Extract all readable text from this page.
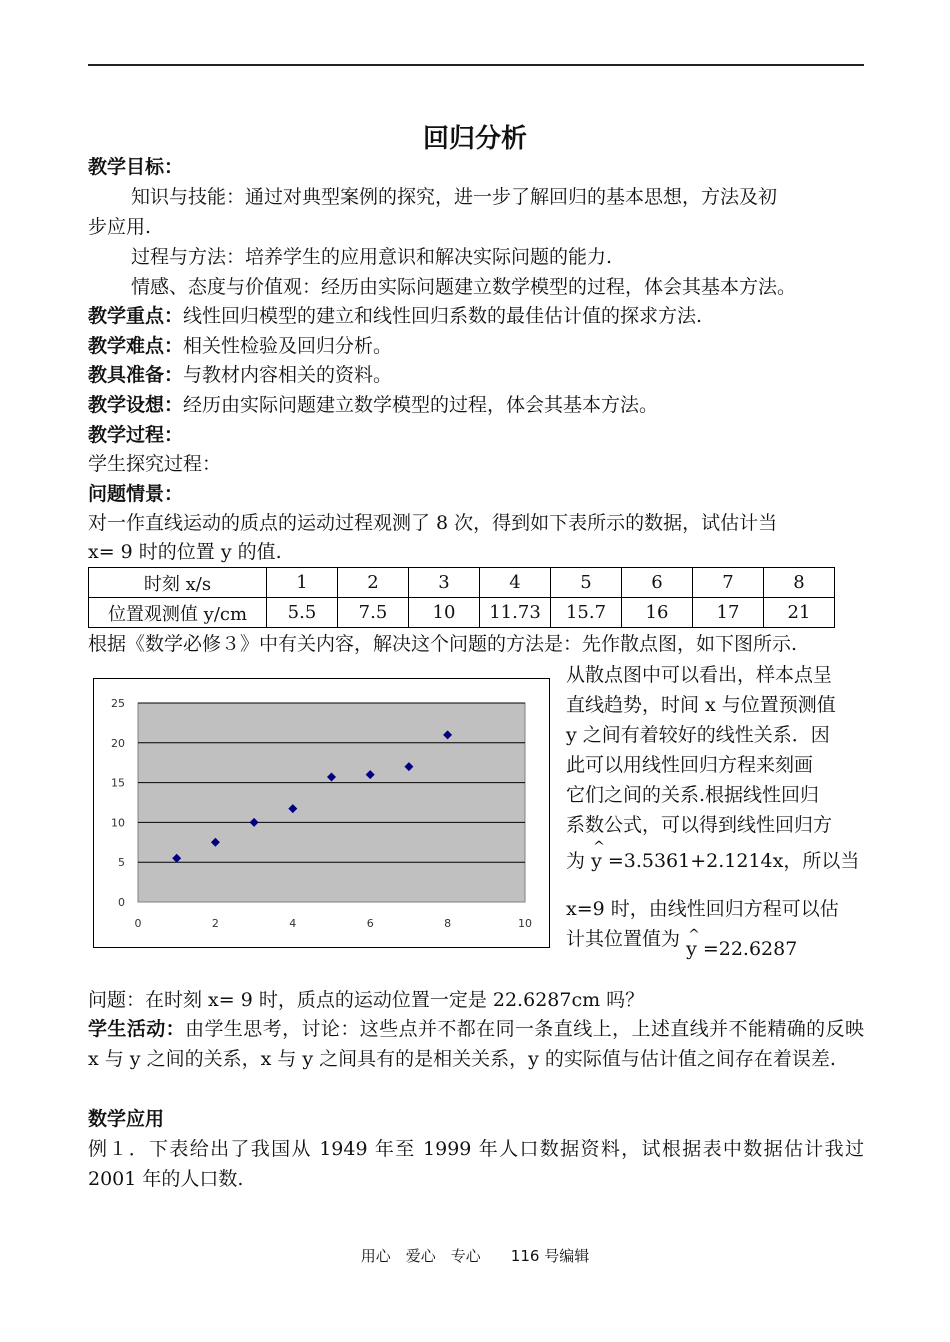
回归分析
教学目标：
知识与技能：通过对典型案例的探究，进一步了解回归的基本思想，方法及初
步应用.
过程与方法：培养学生的应用意识和解决实际问题的能力.
情感、态度与价值观：经历由实际问题建立数学模型的过程，体会其基本方法。
教学重点：线性回归模型的建立和线性回归系数的最佳估计值的探求方法.
教学难点：相关性检验及回归分析。
教具准备：与教材内容相关的资料。
教学设想：经历由实际问题建立数学模型的过程，体会其基本方法。
教学过程：
学生探究过程：
问题情景：
对一作直线运动的质点的运动过程观测了 8 次，得到如下表所示的数据，试估计当
x= 9 时的位置 y 的值.
时刻 x/s	1	2	3	4	5	6	7	8
位置观测值 y/cm	5.5	7.5	10	11.73	15.7	16	17	21
根据《数学必修３》中有关内容，解决这个问题的方法是：先作散点图，如下图所示.
0
5
10
15
20
25
0	2	4	6	8	10
从散点图中可以看出，样本点呈
直线趋势，时间 x 与位置预测值
y 之间有着较好的线性关系．因
此可以用线性回归方程来刻画
它们之间的关系.根据线性回归
系数公式，可以得到线性回归方
为 ^ y =3.5361+2.1214x，所以当
x=9 时，由线性回归方程可以估
计其位置值为 ^ y =22.6287
问题：在时刻 x= 9 时，质点的运动位置一定是 22.6287cm 吗？
学生活动：由学生思考，讨论：这些点并不都在同一条直线上，上述直线并不能精确的反映 x 与 y 之间的关系，x 与 y 之间具有的是相关关系，y 的实际值与估计值之间存在着误差.
数学应用
例１．下表给出了我国从 1949 年至 1999 年人口数据资料，试根据表中数据估计我过 2001 年的人口数.
用心　爱心　专心　　116 号编辑
